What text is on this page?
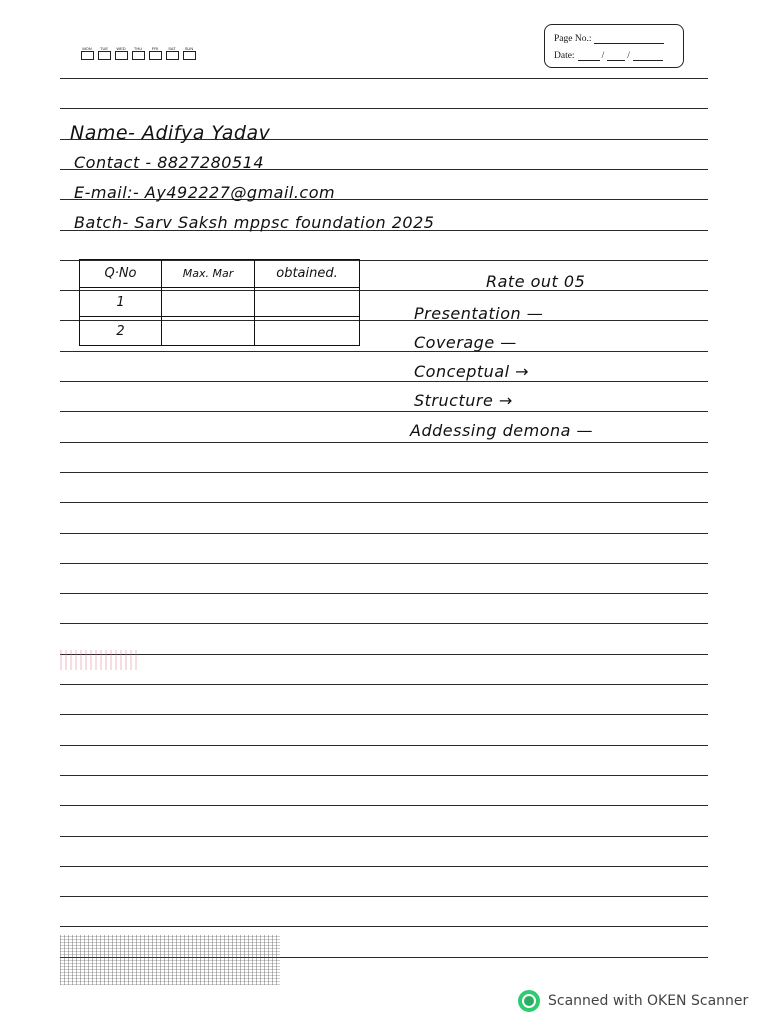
MON TUE WED THU FRI	SAT SUN
Page No.:
Date:	/ /
Name- Adifya Yadav
Contact - 8827280514
E-mail:- Ay492227@gmail.com
Batch- Sarv Saksh mppsc foundation 2025
Q·No	Max. Mar	obtained.
1		
2		
Rate out 05
Presentation —
Coverage —
Conceptual →
Structure →
Addessing demona —
Scanned with OKEN Scanner
